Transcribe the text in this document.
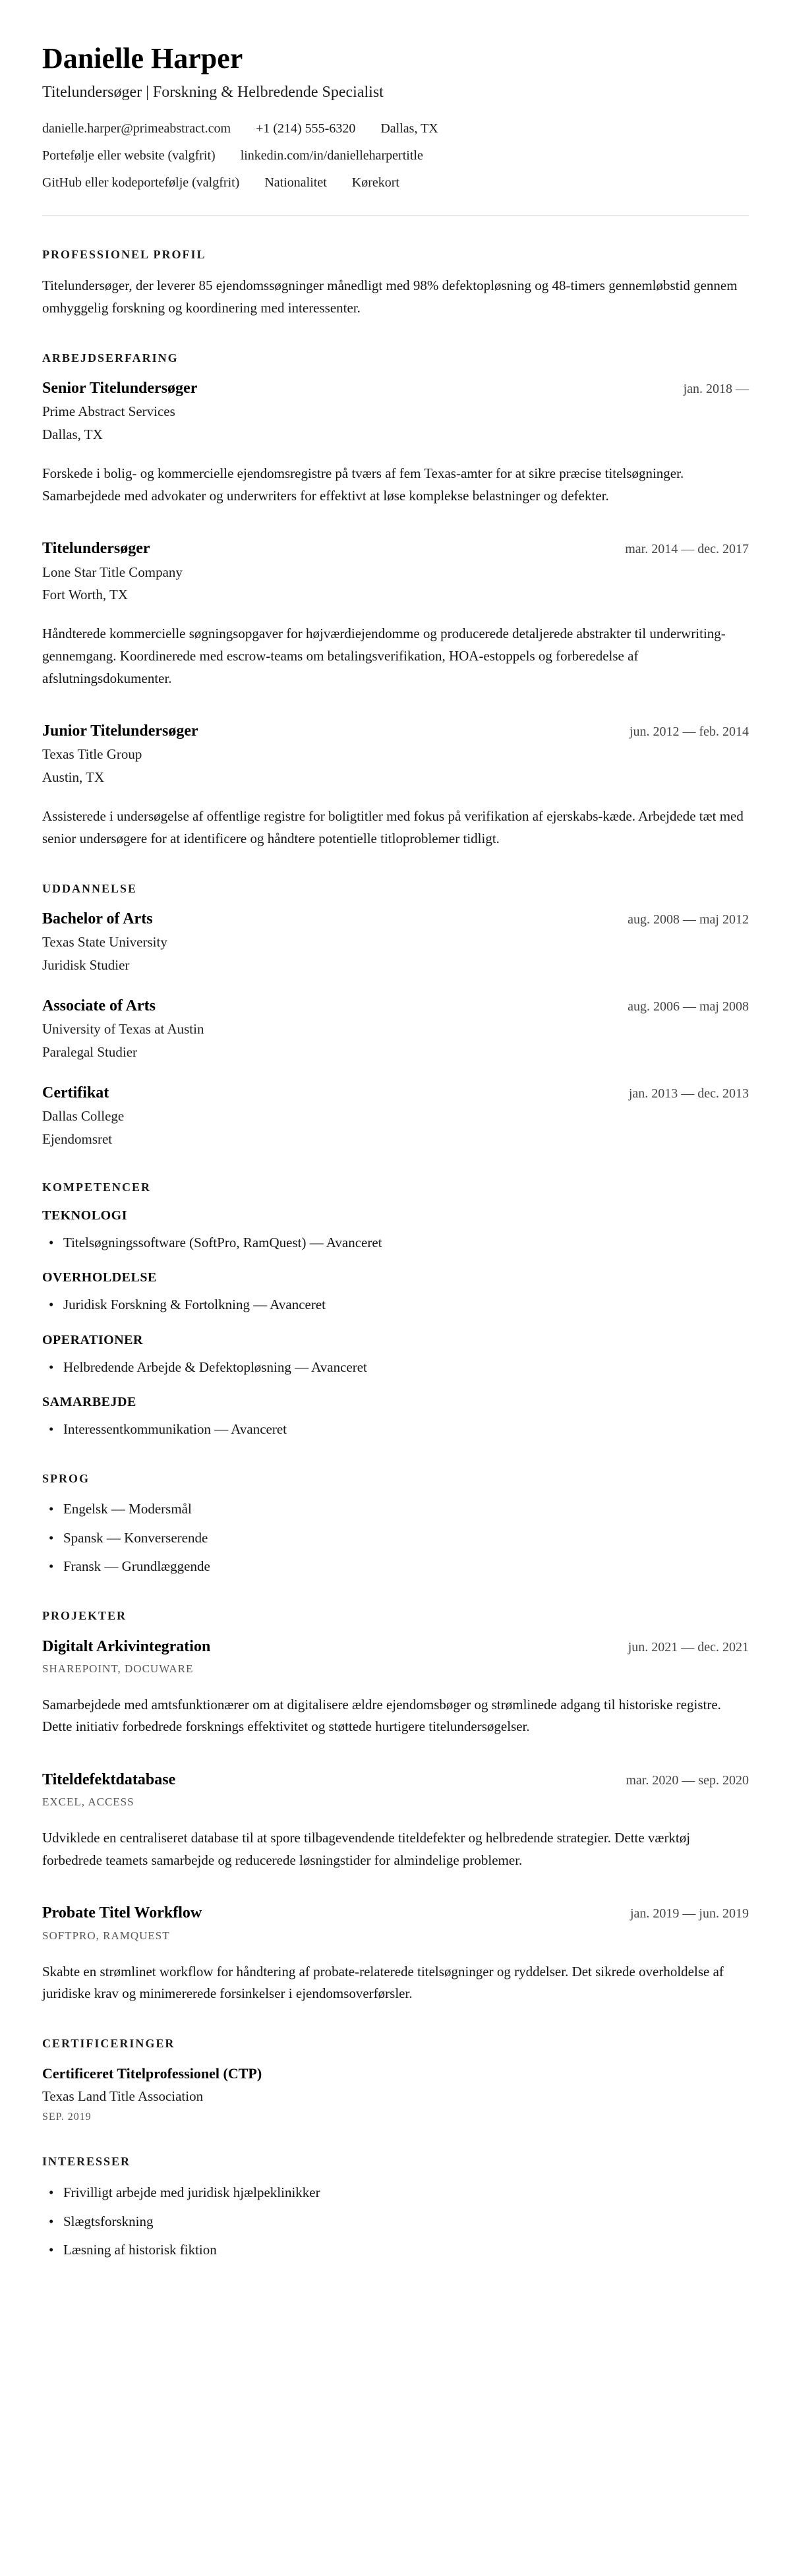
Danielle Harper
Titelundersøger | Forskning & Helbredende Specialist
danielle.harper@primeabstract.com +1 (214) 555-6320 Dallas, TX
Portefølje eller website (valgfrit) linkedin.com/in/danielleharpertitle
GitHub eller kodeportefølje (valgfrit) Nationalitet Kørekort
PROFESSIONEL PROFIL

Titelundersøger, der leverer 85 ejendomssøgninger månedligt med 98% defektopløsning og 48-timers gennemløbstid gennem omhyggelig forskning og koordinering med interessenter.

ARBEJDSERFARING
Senior Titelundersøger	jan. 2018 —
Prime Abstract Services
Dallas, TX

Forskede i bolig- og kommercielle ejendomsregistre på tværs af fem Texas-amter for at sikre præcise titelsøgninger. Samarbejdede med advokater og underwriters for effektivt at løse komplekse belastninger og defekter.

Titelundersøger	mar. 2014 — dec. 2017
Lone Star Title Company
Fort Worth, TX

Håndterede kommercielle søgningsopgaver for højværdiejendomme og producerede detaljerede abstrakter til underwriting-gennemgang. Koordinerede med escrow-teams om betalingsverifikation, HOA-estoppels og forberedelse af afslutningsdokumenter.

Junior Titelundersøger	jun. 2012 — feb. 2014
Texas Title Group
Austin, TX

Assisterede i undersøgelse af offentlige registre for boligtitler med fokus på verifikation af ejerskabs-kæde. Arbejdede tæt med senior undersøgere for at identificere og håndtere potentielle titloproblemer tidligt.

UDDANNELSE
Bachelor of Arts	aug. 2008 — maj 2012
Texas State University
Juridisk Studier
Associate of Arts	aug. 2006 — maj 2008
University of Texas at Austin
Paralegal Studier
Certifikat	jan. 2013 — dec. 2013
Dallas College
Ejendomsret
KOMPETENCER
TEKNOLOGI
• Titelsøgningssoftware (SoftPro, RamQuest) — Avanceret
OVERHOLDELSE
• Juridisk Forskning & Fortolkning — Avanceret
OPERATIONER
• Helbredende Arbejde & Defektopløsning — Avanceret
SAMARBEJDE
• Interessentkommunikation — Avanceret
SPROG
• Engelsk — Modersmål
• Spansk — Konverserende
• Fransk — Grundlæggende
PROJEKTER
Digitalt Arkivintegration	jun. 2021 — dec. 2021
SHAREPOINT, DOCUWARE

Samarbejdede med amtsfunktionærer om at digitalisere ældre ejendomsbøger og strømlinede adgang til historiske registre. Dette initiativ forbedrede forsknings effektivitet og støttede hurtigere titelundersøgelser.

Titeldefektdatabase	mar. 2020 — sep. 2020
EXCEL, ACCESS

Udviklede en centraliseret database til at spore tilbagevendende titeldefekter og helbredende strategier. Dette værktøj forbedrede teamets samarbejde og reducerede løsningstider for almindelige problemer.

Probate Titel Workflow	jan. 2019 — jun. 2019
SOFTPRO, RAMQUEST

Skabte en strømlinet workflow for håndtering af probate-relaterede titelsøgninger og ryddelser. Det sikrede overholdelse af juridiske krav og minimererede forsinkelser i ejendomsoverførsler.

CERTIFICERINGER
Certificeret Titelprofessionel (CTP)
Texas Land Title Association
SEP. 2019
INTERESSER
• Frivilligt arbejde med juridisk hjælpeklinikker
• Slægtsforskning
• Læsning af historisk fiktion
